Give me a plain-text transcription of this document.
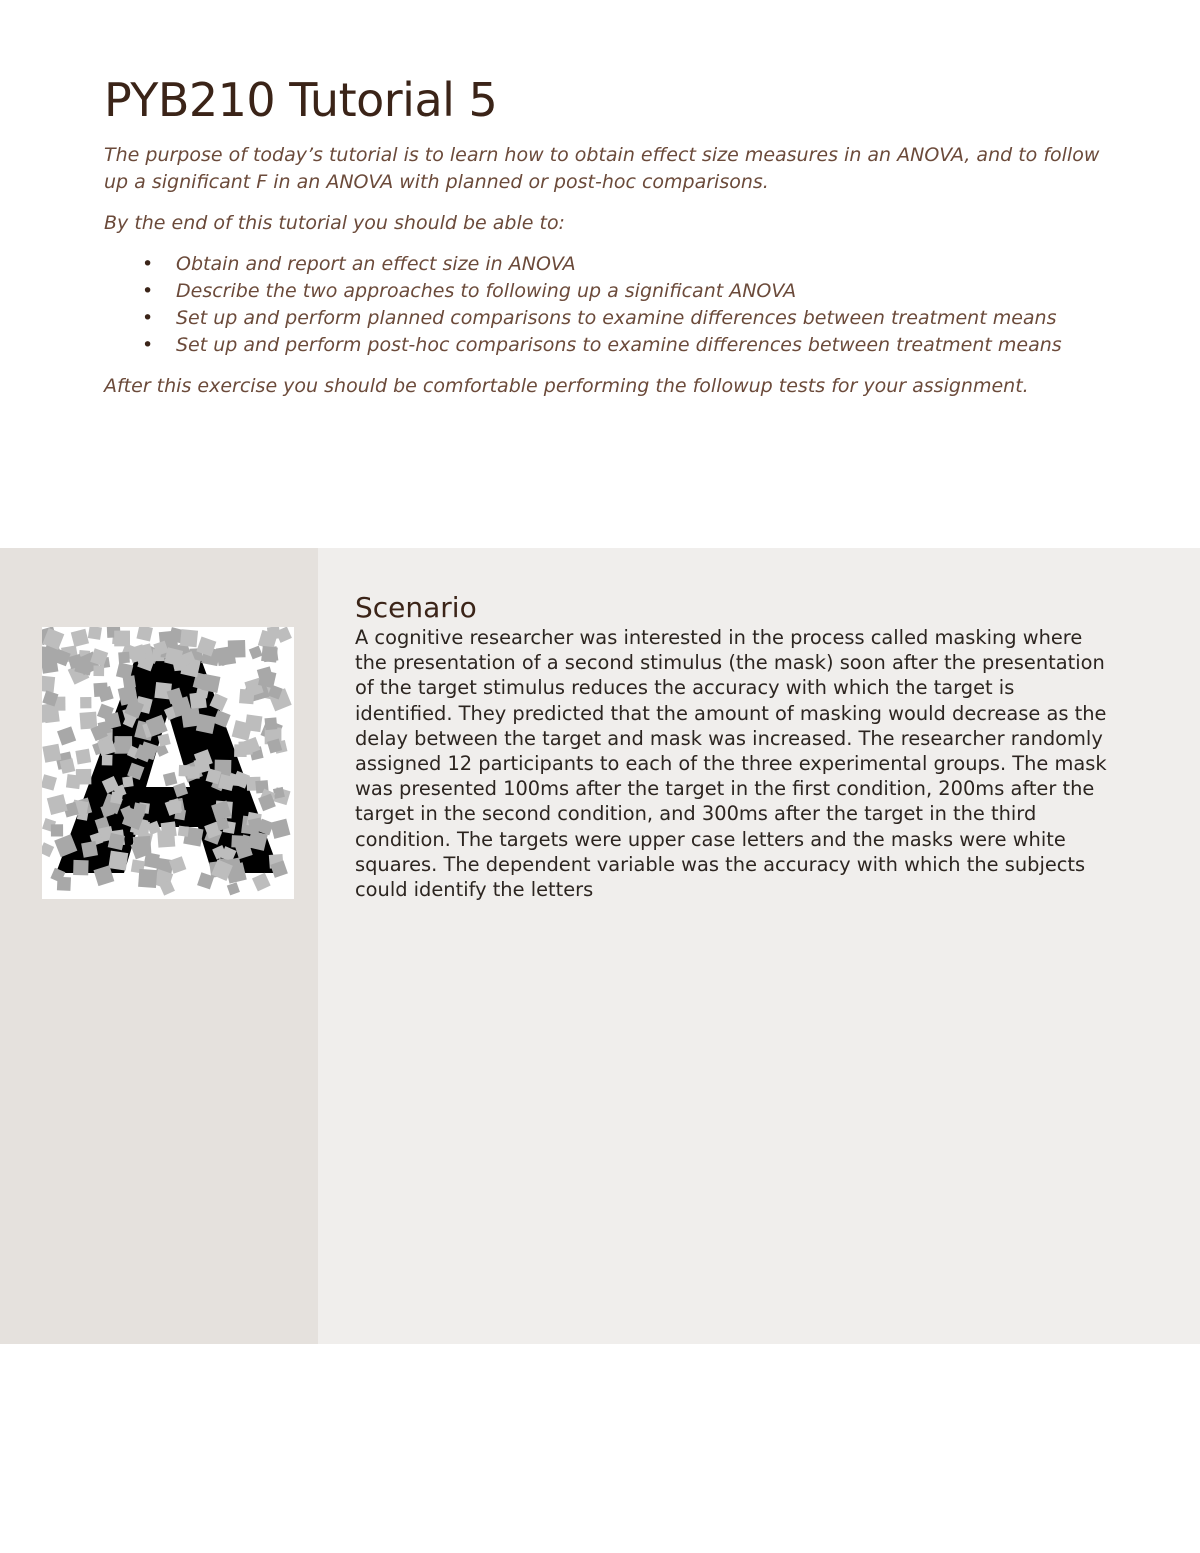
PYB210 Tutorial 5

The purpose of today’s tutorial is to learn how to obtain effect size measures in an ANOVA, and to follow up a significant F in an ANOVA with planned or post-hoc comparisons.

By the end of this tutorial you should be able to:

• Obtain and report an effect size in ANOVA
• Describe the two approaches to following up a significant ANOVA
• Set up and perform planned comparisons to examine differences between treatment means
• Set up and perform post-hoc comparisons to examine differences between treatment means

After this exercise you should be comfortable performing the followup tests for your assignment.

Scenario

A cognitive researcher was interested in the process called masking where the presentation of a second stimulus (the mask) soon after the presentation of the target stimulus reduces the accuracy with which the target is identified. They predicted that the amount of masking would decrease as the delay between the target and mask was increased. The researcher randomly assigned 12 participants to each of the three experimental groups. The mask was presented 100ms after the target in the first condition, 200ms after the target in the second condition, and 300ms after the target in the third condition. The targets were upper case letters and the masks were white squares. The dependent variable was the accuracy with which the subjects could identify the letters
